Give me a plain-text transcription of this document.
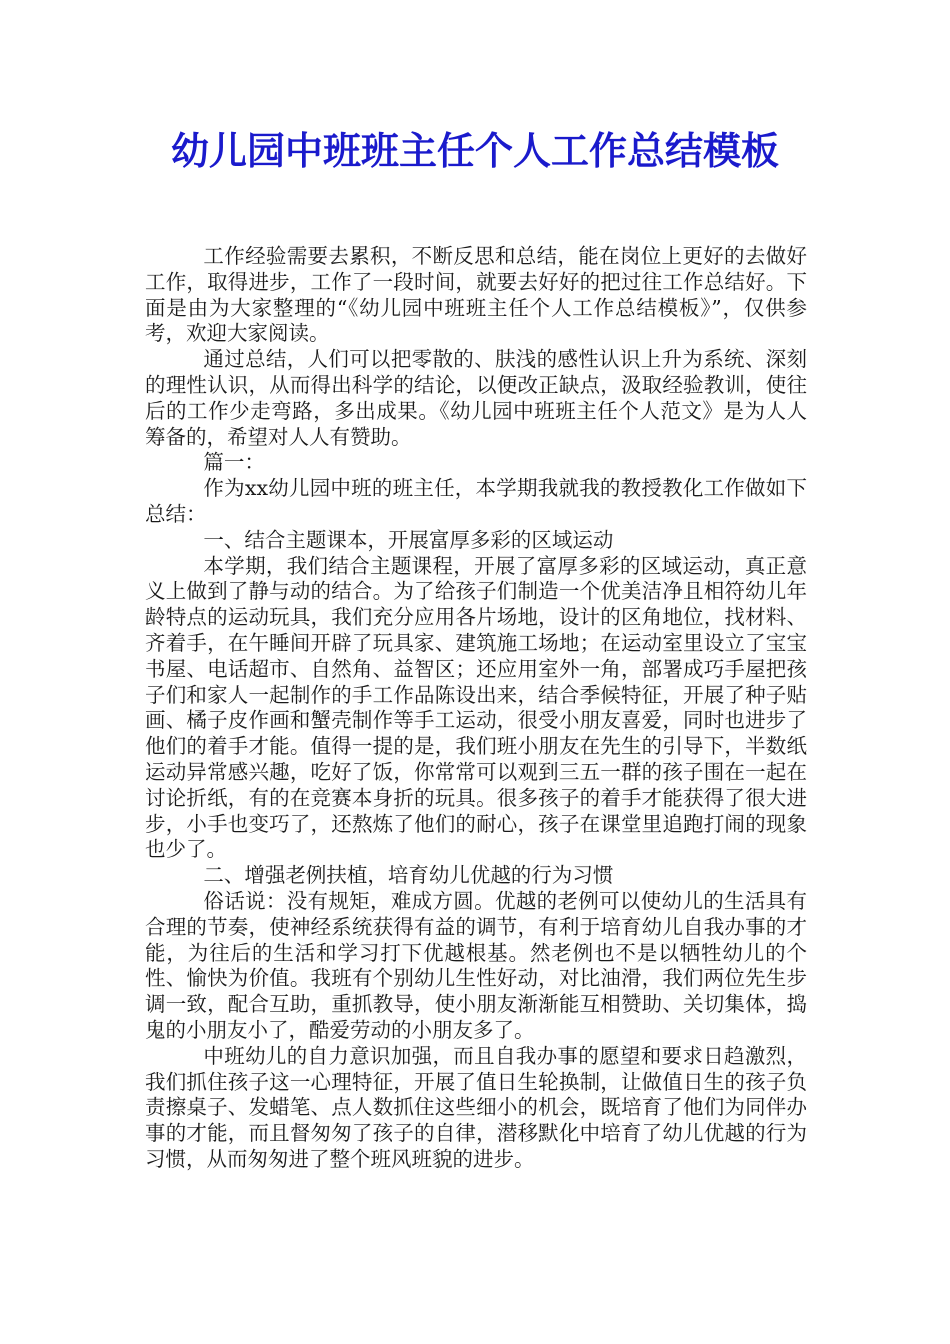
幼儿园中班班主任个人工作总结模板

工作经验需要去累积，不断反思和总结，能在岗位上更好的去做好工作，取得进步，工作了一段时间，就要去好好的把过往工作总结好。下面是由为大家整理的“《幼儿园中班班主任个人工作总结模板》”，仅供参考，欢迎大家阅读。

通过总结，人们可以把零散的、肤浅的感性认识上升为系统、深刻的理性认识，从而得出科学的结论，以便改正缺点，汲取经验教训，使往后的工作少走弯路，多出成果。《幼儿园中班班主任个人范文》是为人人筹备的，希望对人人有赞助。

篇一：

作为xx幼儿园中班的班主任，本学期我就我的教授教化工作做如下总结：

一、结合主题课本，开展富厚多彩的区域运动

本学期，我们结合主题课程，开展了富厚多彩的区域运动，真正意义上做到了静与动的结合。为了给孩子们制造一个优美洁净且相符幼儿年龄特点的运动玩具，我们充分应用各片场地，设计的区角地位，找材料、齐着手，在午睡间开辟了玩具家、建筑施工场地；在运动室里设立了宝宝书屋、电话超市、自然角、益智区；还应用室外一角，部署成巧手屋把孩子们和家人一起制作的手工作品陈设出来，结合季候特征，开展了种子贴画、橘子皮作画和蟹壳制作等手工运动，很受小朋友喜爱，同时也进步了他们的着手才能。值得一提的是，我们班小朋友在先生的引导下，半数纸运动异常感兴趣，吃好了饭，你常常可以观到三五一群的孩子围在一起在讨论折纸，有的在竞赛本身折的玩具。很多孩子的着手才能获得了很大进步，小手也变巧了，还熬炼了他们的耐心，孩子在课堂里追跑打闹的现象也少了。

二、增强老例扶植，培育幼儿优越的行为习惯

俗话说：没有规矩，难成方圆。优越的老例可以使幼儿的生活具有合理的节奏，使神经系统获得有益的调节，有利于培育幼儿自我办事的才能，为往后的生活和学习打下优越根基。然老例也不是以牺牲幼儿的个性、愉快为价值。我班有个别幼儿生性好动，对比油滑，我们两位先生步调一致，配合互助，重抓教导，使小朋友渐渐能互相赞助、关切集体，捣鬼的小朋友小了，酷爱劳动的小朋友多了。

中班幼儿的自力意识加强，而且自我办事的愿望和要求日趋激烈，我们抓住孩子这一心理特征，开展了值日生轮换制，让做值日生的孩子负责擦桌子、发蜡笔、点人数抓住这些细小的机会，既培育了他们为同伴办事的才能，而且督匆匆了孩子的自律，潜移默化中培育了幼儿优越的行为习惯，从而匆匆进了整个班风班貌的进步。
